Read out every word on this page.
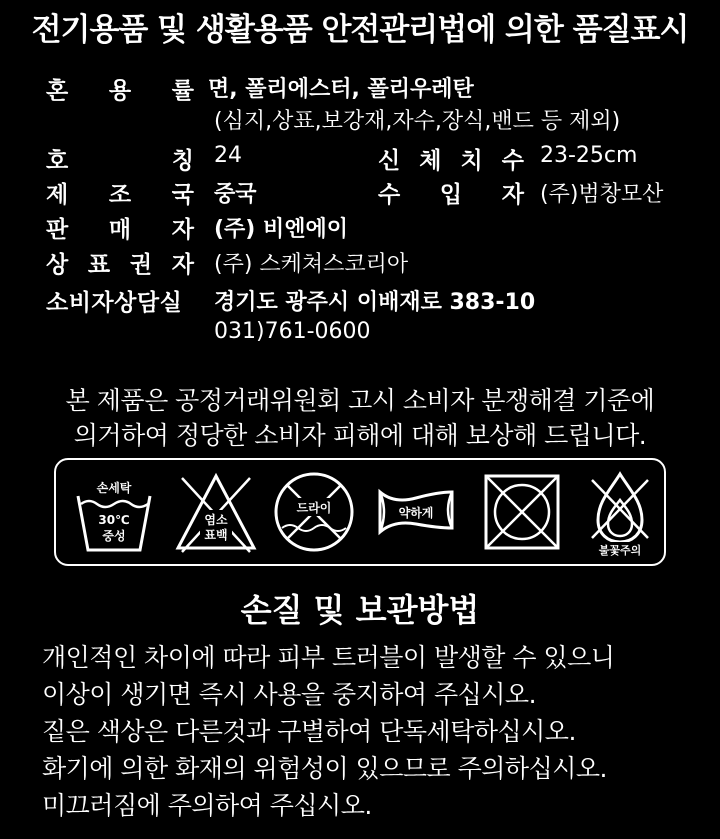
전기용품 및 생활용품 안전관리법에 의한 품질표시
혼 용 률 면, 폴리에스터, 폴리우레탄
(심지,상표,보강재,자수,장식,밴드 등 제외)
호	칭 24	신 체 치 수 23-25cm
제 조 국 중국	수 입 자 (주)범창모산
판 매 자 (주) 비엔에이
상 표 권 자 (주) 스케쳐스코리아
소비자상담실 경기도 광주시 이배재로 383-10
031)761-0600
본 제품은 공정거래위원회 고시 소비자 분쟁해결 기준에
의거하여 정당한 소비자 피해에 대해 보상해 드립니다.
손세탁
30℃
중성
염소
표백
드라이	약하게
불꽃주의
손질 및 보관방법
개인적인 차이에 따라 피부 트러블이 발생할 수 있으니
이상이 생기면 즉시 사용을 중지하여 주십시오.
짙은 색상은 다른것과 구별하여 단독세탁하십시오.
화기에 의한 화재의 위험성이 있으므로 주의하십시오.
미끄러짐에 주의하여 주십시오.
